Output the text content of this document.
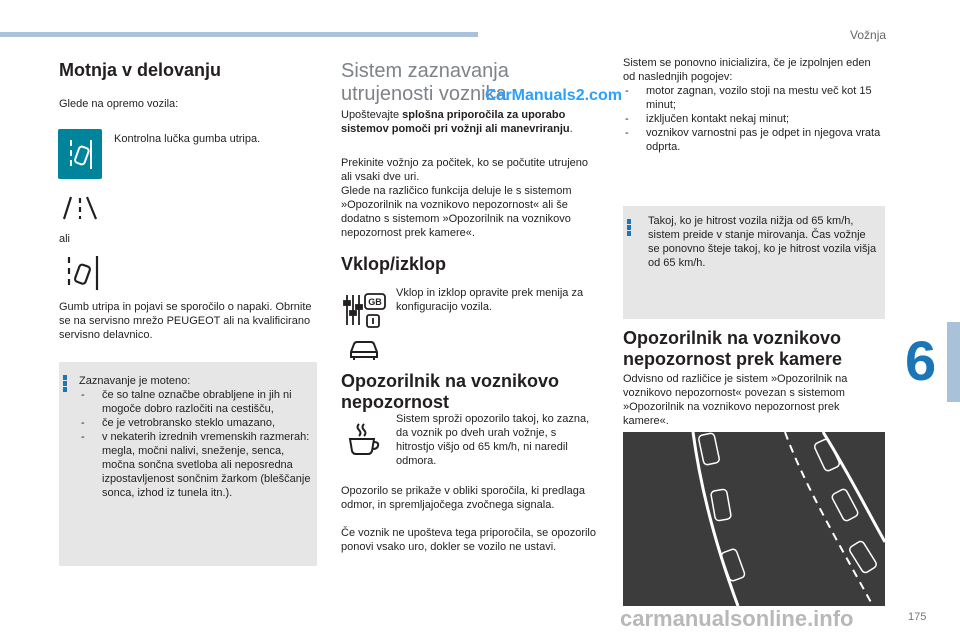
Vožnja
6
Motnja v delovanju
Glede na opremo vozila:
Kontrolna lučka gumba utripa.
ali
Gumb utripa in pojavi se sporočilo o napaki. Obrnite se na servisno mrežo PEUGEOT ali na kvalificirano servisno delavnico.
Zaznavanje je moteno:
- če so talne označbe obrabljene in jih ni mogoče dobro razločiti na cestišču,
- če je vetrobransko steklo umazano,
- v nekaterih izrednih vremenskih razmerah: megla, močni nalivi, sneženje, senca, močna sončna svetloba ali neposredna izpostavljenost sončnim žarkom (bleščanje sonca, izhod iz tunela itn.).
Sistem zaznavanja
utrujenosti voznika
CarManuals2.com
Upoštevajte splošna priporočila za uporabo sistemov pomoči pri vožnji ali manevriranju.
Prekinite vožnjo za počitek, ko se počutite utrujeno ali vsaki dve uri.
Glede na različico funkcija deluje le s sistemom »Opozorilnik na voznikovo nepozornost« ali še dodatno s sistemom »Opozorilnik na voznikovo nepozornost prek kamere«.
Vklop/izklop
GB
Vklop in izklop opravite prek menija za konfiguracijo vozila.
Opozorilnik na voznikovo
nepozornost
Sistem sproži opozorilo takoj, ko zazna, da voznik po dveh urah vožnje, s hitrostjo višjo od 65 km/h, ni naredil odmora.
Opozorilo se prikaže v obliki sporočila, ki predlaga odmor, in spremljajočega zvočnega signala.
Če voznik ne upošteva tega priporočila, se opozorilo ponovi vsako uro, dokler se vozilo ne ustavi.
Sistem se ponovno inicializira, če je izpolnjen eden od naslednjih pogojev:
- motor zagnan, vozilo stoji na mestu več kot 15 minut;
- izključen kontakt nekaj minut;
- voznikov varnostni pas je odpet in njegova vrata odprta.
Takoj, ko je hitrost vozila nižja od 65 km/h, sistem preide v stanje mirovanja. Čas vožnje se ponovno šteje takoj, ko je hitrost vozila višja od 65 km/h.
Opozorilnik na voznikovo
nepozornost prek kamere
Odvisno od različice je sistem »Opozorilnik na voznikovo nepozornost« povezan s sistemom »Opozorilnik na voznikovo nepozornost prek kamere«.
carmanualsonline.info	175
